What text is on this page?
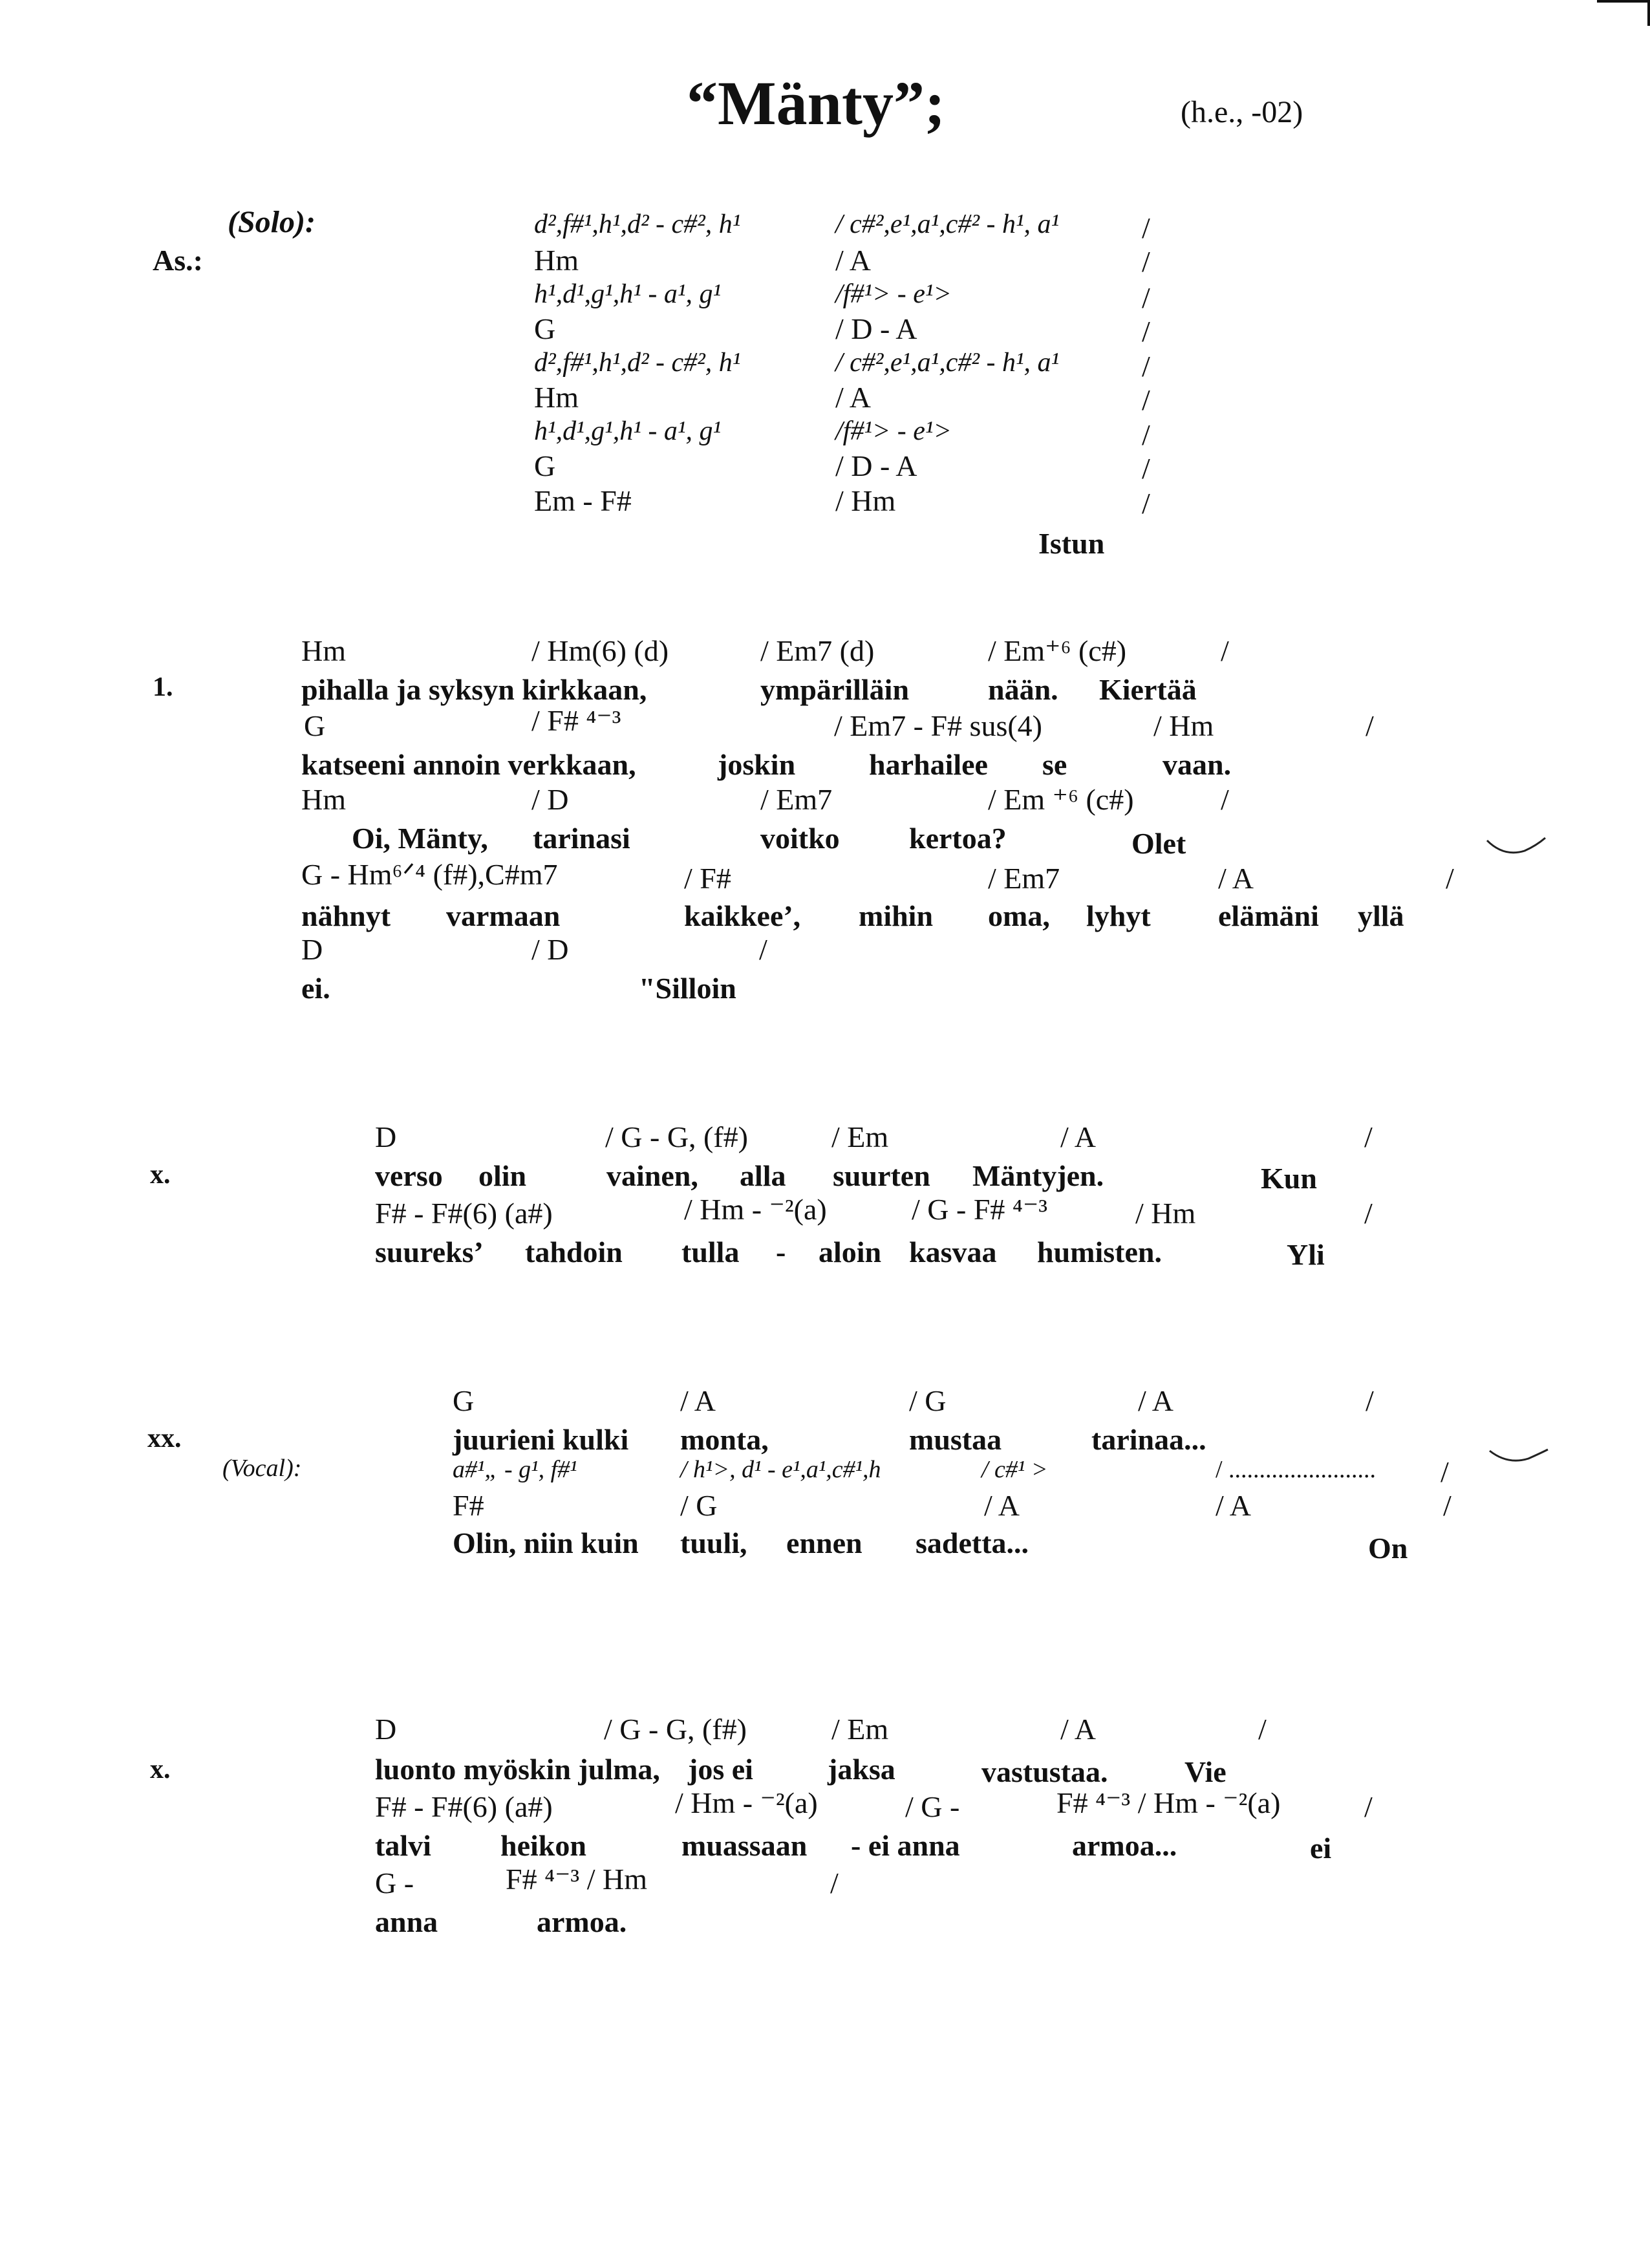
“Mänty”;	(h.e., -02)
As.:
(Solo):	d²,f#¹,h¹,d² - c#², h¹	/ c#²,e¹,a¹,c#² - h¹, a¹	/
Hm	/ A	/
h¹,d¹,g¹,h¹ - a¹, g¹	/f#¹> - e¹>	/
G	/ D - A	/
d²,f#¹,h¹,d² - c#², h¹	/ c#²,e¹,a¹,c#² - h¹, a¹	/
Hm	/ A	/
h¹,d¹,g¹,h¹ - a¹, g¹	/f#¹> - e¹>	/
G	/ D - A	/
Em - F#	/ Hm	/
Istun
1.
Hm	/ Hm(6) (d)	/ Em7 (d)	/ Em⁺⁶ (c#)	/
pihalla ja syksyn kirkkaan,	ympärilläin	nään. Kiertää
G	/ F# ⁴⁻³	/ Em7 - F# sus(4)	/ Hm	/
katseeni annoin verkkaan,	joskin harhailee se	vaan.
Hm	/ D	/ Em7	/ Em ⁺⁶ (c#)	/
Oi, Mänty, tarinasi	voitko kertoa?	Olet
G - Hm⁶ᐟ⁴ (f#),C#m7	/ F#	/ Em7	/ A	/
nähnyt varmaan	kaikkee’, mihin oma, lyhyt elämäni yllä
D	/ D	/
ei.	"Silloin
x.
D	/ G - G, (f#)	/ Em	/ A	/
verso olin	vainen, alla suurten Mäntyjen.	Kun
F# - F#(6) (a#)	/ Hm - ⁻²(a)	/ G - F# ⁴⁻³	/ Hm	/
suureks’ tahdoin tulla - aloin kasvaa humisten.	Yli
xx.
(Vocal):
G	/ A	/ G	/ A	/
juurieni kulki monta,	mustaa	tarinaa...
a#¹„ - g¹, f#¹	/ h¹>, d¹ - e¹,a¹,c#¹,h	/ c#¹ >	/ ........................ /
F#	/ G	/ A	/ A	/
Olin, niin kuin tuuli, ennen sadetta...	On
x.
D	/ G - G, (f#)	/ Em	/ A	/
luonto myöskin julma, jos ei	jaksa	vastustaa.	Vie
F# - F#(6) (a#)	/ Hm - ⁻²(a)	/ G -	F# ⁴⁻³ / Hm - ⁻²(a)	/
talvi heikon	muassaan - ei anna	armoa...	ei
G -	F# ⁴⁻³ / Hm	/
anna	armoa.
